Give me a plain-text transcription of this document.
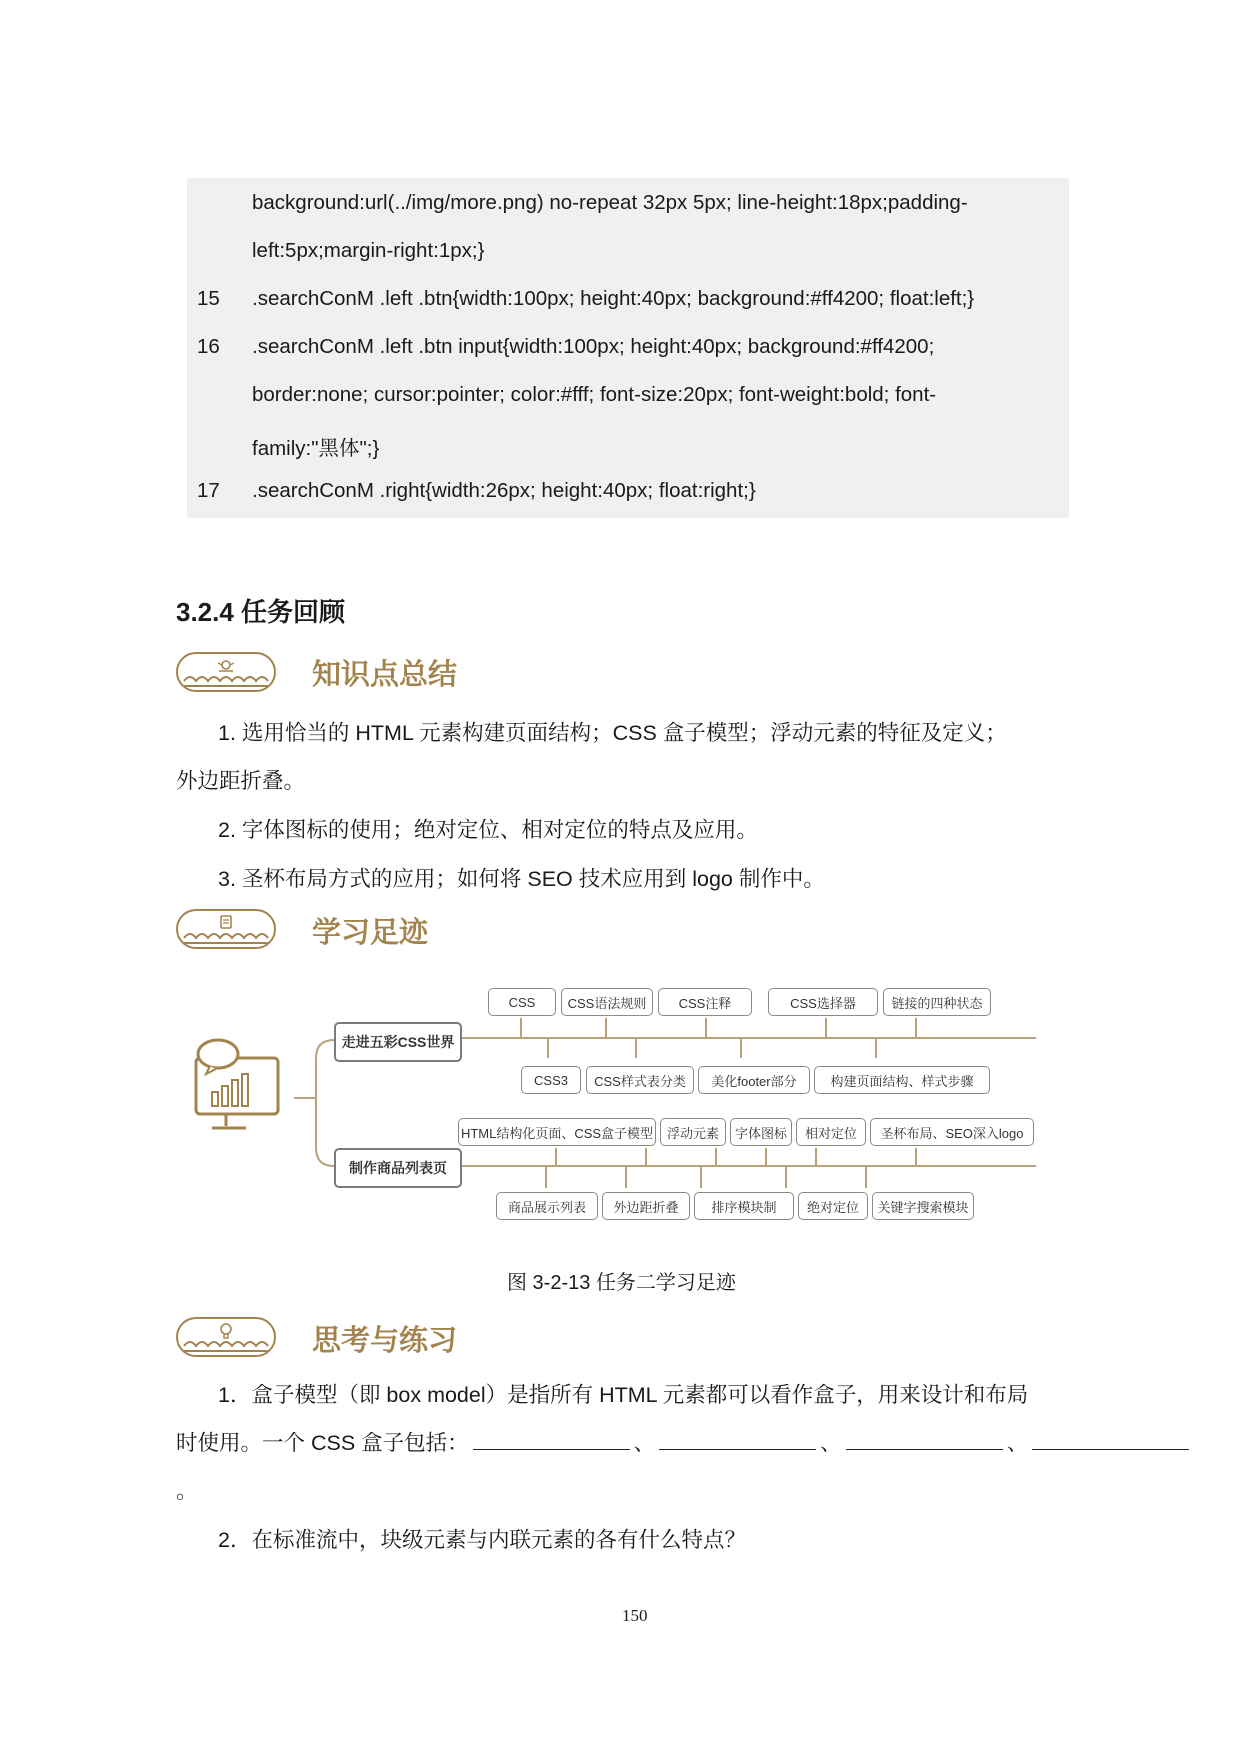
background:url(../img/more.png) no-repeat 32px 5px; line-height:18px;padding-
left:5px;margin-right:1px;}
15 .searchConM .left .btn{width:100px; height:40px; background:#ff4200; float:left;}
16 .searchConM .left .btn input{width:100px; height:40px; background:#ff4200;
border:none; cursor:pointer; color:#fff; font-size:20px; font-weight:bold; font-
family:"黑体";}
17 .searchConM .right{width:26px; height:40px; float:right;}
3.2.4 任务回顾
知识点总结
1. 选用恰当的 HTML 元素构建页面结构；CSS 盒子模型；浮动元素的特征及定义；
外边距折叠。
2. 字体图标的使用；绝对定位、相对定位的特点及应用。
3. 圣杯布局方式的应用；如何将 SEO 技术应用到 logo 制作中。
学习足迹
走进五彩CSS世界
制作商品列表页
CSS	CSS语法规则	CSS注释	CSS选择器	链接的四种状态
CSS3	CSS样式表分类	美化footer部分	构建页面结构、样式步骤
HTML结构化页面、CSS盒子模型	浮动元素	字体图标	相对定位	圣杯布局、SEO深入logo
商品展示列表	外边距折叠	排序模块制	绝对定位	关键字搜索模块
图 3-2-13 任务二学习足迹
思考与练习
1．盒子模型（即 box model）是指所有 HTML 元素都可以看作盒子，用来设计和布局
时使用。一个 CSS 盒子包括：	、	、	、
。
2．在标准流中，块级元素与内联元素的各有什么特点？
150
